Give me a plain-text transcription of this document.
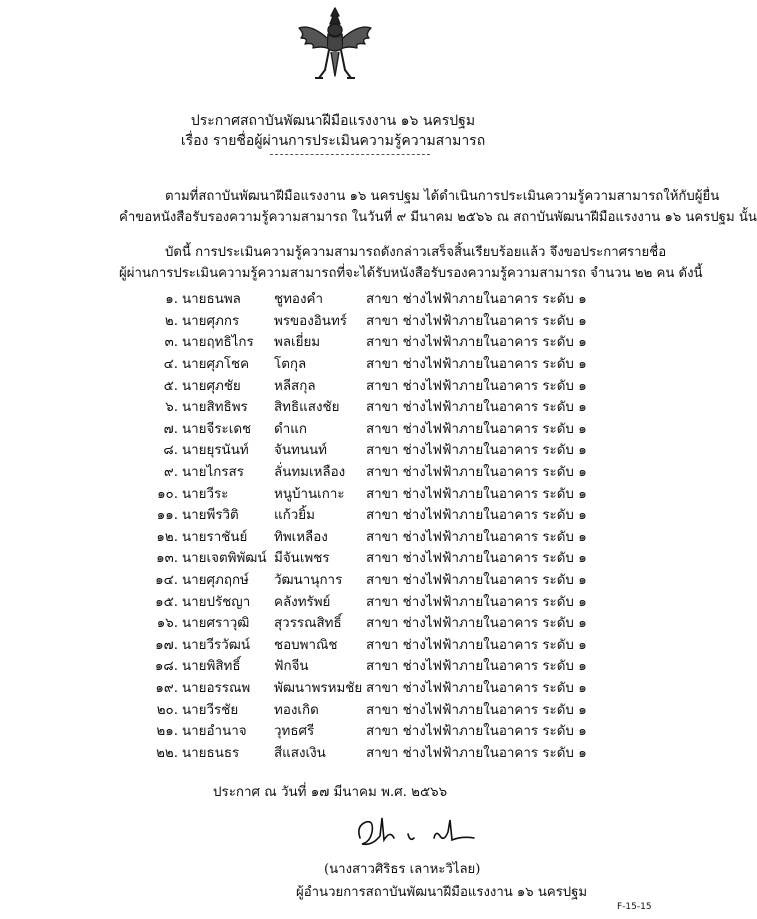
ประกาศสถาบันพัฒนาฝีมือแรงงาน ๑๖ นครปฐม
เรื่อง รายชื่อผู้ผ่านการประเมินความรู้ความสามารถ
ตามที่สถาบันพัฒนาฝีมือแรงงาน ๑๖ นครปฐม ได้ดำเนินการประเมินความรู้ความสามารถให้กับผู้ยื่น
คำขอหนังสือรับรองความรู้ความสามารถ ในวันที่ ๙ มีนาคม ๒๕๖๖ ณ สถาบันพัฒนาฝีมือแรงงาน ๑๖ นครปฐม นั้น
บัดนี้ การประเมินความรู้ความสามารถดังกล่าวเสร็จสิ้นเรียบร้อยแล้ว จึงขอประกาศรายชื่อ
ผู้ผ่านการประเมินความรู้ความสามารถที่จะได้รับหนังสือรับรองความรู้ความสามารถ จำนวน ๒๒ คน ดังนี้
๑. นายธนพล	ชูทองคำ	สาขา ช่างไฟฟ้าภายในอาคาร ระดับ ๑
๒. นายศุภกร	พรของอินทร์	สาขา ช่างไฟฟ้าภายในอาคาร ระดับ ๑
๓. นายฤทธิไกร	พลเยี่ยม	สาขา ช่างไฟฟ้าภายในอาคาร ระดับ ๑
๔. นายศุภโชค	โตกุล	สาขา ช่างไฟฟ้าภายในอาคาร ระดับ ๑
๕. นายศุภชัย	หลีสกุล	สาขา ช่างไฟฟ้าภายในอาคาร ระดับ ๑
๖. นายสิทธิพร	สิทธิแสงชัย	สาขา ช่างไฟฟ้าภายในอาคาร ระดับ ๑
๗. นายจีระเดช	ดำแก	สาขา ช่างไฟฟ้าภายในอาคาร ระดับ ๑
๘. นายยุรนันท์	จันทนนท์	สาขา ช่างไฟฟ้าภายในอาคาร ระดับ ๑
๙. นายไกรสร	ลั่นทมเหลือง	สาขา ช่างไฟฟ้าภายในอาคาร ระดับ ๑
๑๐. นายวีระ	หนูบ้านเกาะ	สาขา ช่างไฟฟ้าภายในอาคาร ระดับ ๑
๑๑. นายพีรวิติ	แก้วยิ้ม	สาขา ช่างไฟฟ้าภายในอาคาร ระดับ ๑
๑๒. นายราชันย์	ทิพเหลือง	สาขา ช่างไฟฟ้าภายในอาคาร ระดับ ๑
๑๓. นายเจตพิพัฒน์ มีจันเพชร	สาขา ช่างไฟฟ้าภายในอาคาร ระดับ ๑
๑๔. นายศุภฤกษ์	วัฒนานุการ	สาขา ช่างไฟฟ้าภายในอาคาร ระดับ ๑
๑๕. นายปรัชญา	คลังทรัพย์	สาขา ช่างไฟฟ้าภายในอาคาร ระดับ ๑
๑๖. นายศราวุฒิ	สุวรรณสิทธิ์	สาขา ช่างไฟฟ้าภายในอาคาร ระดับ ๑
๑๗. นายวีรวัฒน์	ชอบพาณิช	สาขา ช่างไฟฟ้าภายในอาคาร ระดับ ๑
๑๘. นายพิสิทธิ์	ฟักจีน	สาขา ช่างไฟฟ้าภายในอาคาร ระดับ ๑
๑๙. นายอรรณพ	พัฒนาพรหมชัย สาขา ช่างไฟฟ้าภายในอาคาร ระดับ ๑
๒๐. นายวีรชัย	ทองเกิด	สาขา ช่างไฟฟ้าภายในอาคาร ระดับ ๑
๒๑. นายอำนาจ	วุทธศรี	สาขา ช่างไฟฟ้าภายในอาคาร ระดับ ๑
๒๒. นายธนธร	สีแสงเงิน	สาขา ช่างไฟฟ้าภายในอาคาร ระดับ ๑
ประกาศ ณ วันที่ ๑๗ มีนาคม พ.ศ. ๒๕๖๖
(นางสาวศิริธร เลาหะวิไลย)
ผู้อำนวยการสถาบันพัฒนาฝีมือแรงงาน ๑๖ นครปฐม
F-15-15
